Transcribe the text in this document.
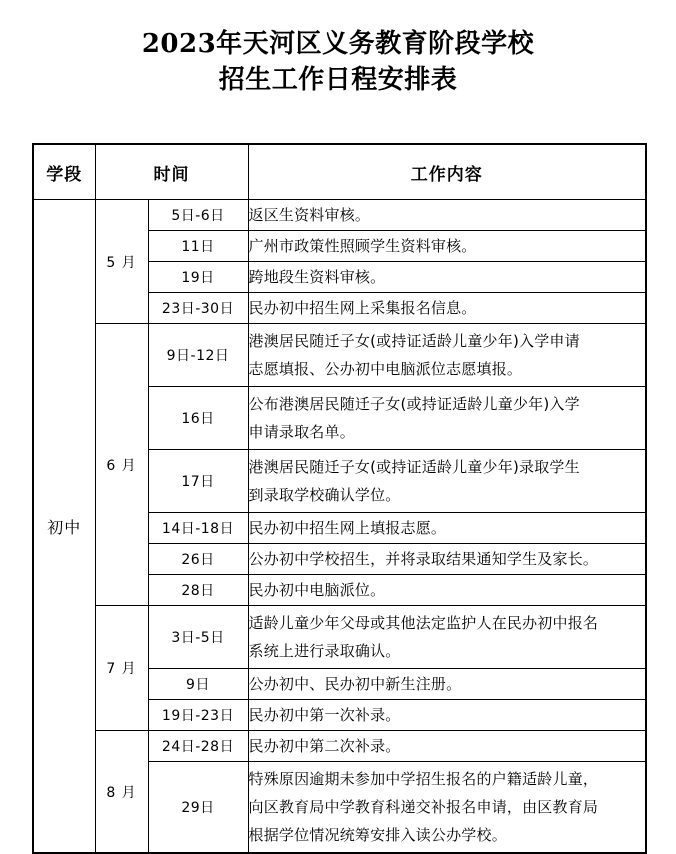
2023年天河区义务教育阶段学校
招生工作日程安排表
学段	时间		工作内容
初中	5 月	5日-6日	返区生资料审核。

		11日	广州市政策性照顾学生资料审核。

		19日	跨地段生资料审核。

		23日-30日	民办初中招生网上采集报名信息。

	6 月	9日-12日	港澳居民随迁子女(或持证适龄儿童少年)入学申请
志愿填报、公办初中电脑派位志愿填报。

		16日	公布港澳居民随迁子女(或持证适龄儿童少年)入学
申请录取名单。

		17日	港澳居民随迁子女(或持证适龄儿童少年)录取学生
到录取学校确认学位。

		14日-18日	民办初中招生网上填报志愿。

		26日	公办初中学校招生，并将录取结果通知学生及家长。

		28日	民办初中电脑派位。

	7 月	3日-5日	适龄儿童少年父母或其他法定监护人在民办初中报名
系统上进行录取确认。

		9日	公办初中、民办初中新生注册。

		19日-23日	民办初中第一次补录。

	8 月	24日-28日	民办初中第二次补录。

		29日	特殊原因逾期未参加中学招生报名的户籍适龄儿童，
向区教育局中学教育科递交补报名申请，由区教育局
根据学位情况统筹安排入读公办学校。
